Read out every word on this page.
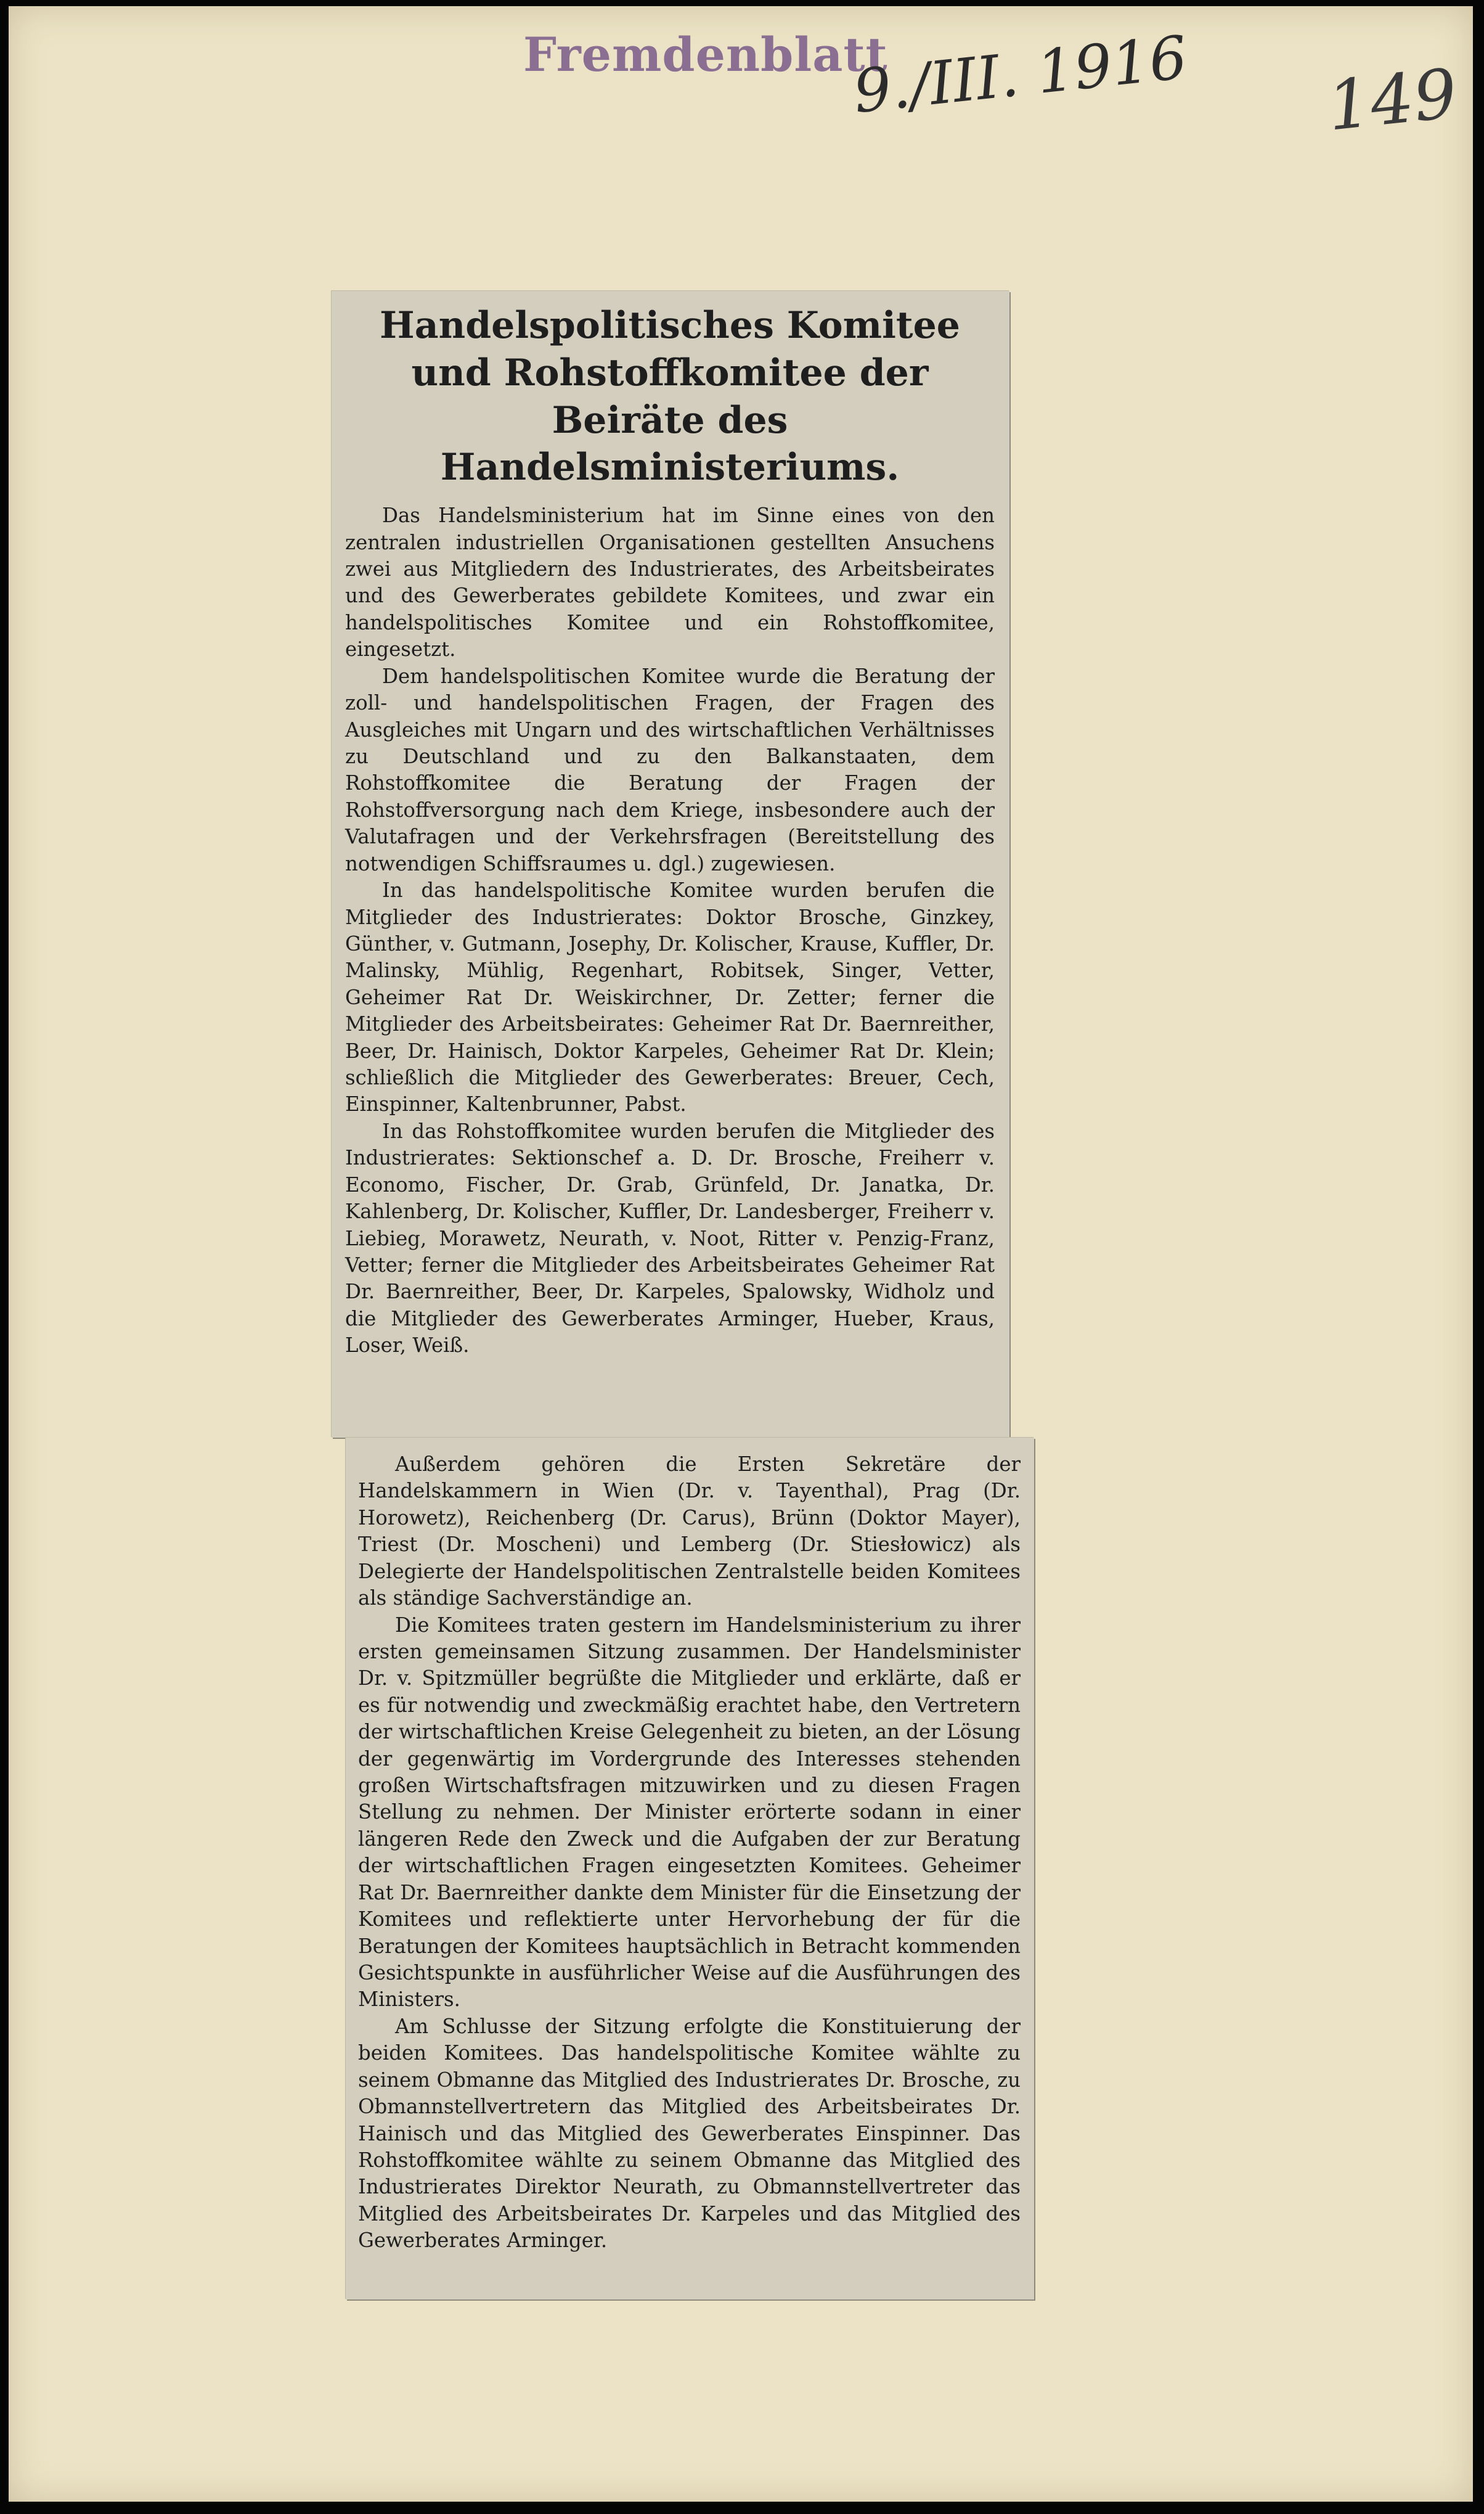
Fremdenblatt
9./III. 1916 149
Handelspolitisches Komitee und Rohstoffkomitee der Beiräte des Handelsministeriums.

Das Handelsministerium hat im Sinne eines von den zentralen industriellen Organisationen gestellten Ansuchens zwei aus Mitgliedern des Industrierates, des Arbeitsbeirates und des Gewerberates gebildete Komitees, und zwar ein handelspolitisches Komitee und ein Rohstoffkomitee, eingesetzt.

Dem handelspolitischen Komitee wurde die Beratung der zoll- und handelspolitischen Fragen, der Fragen des Ausgleiches mit Ungarn und des wirtschaftlichen Verhältnisses zu Deutschland und zu den Balkanstaaten, dem Rohstoffkomitee die Beratung der Fragen der Rohstoffversorgung nach dem Kriege, insbesondere auch der Valutafragen und der Verkehrsfragen (Bereitstellung des notwendigen Schiffsraumes u. dgl.) zugewiesen.

In das handelspolitische Komitee wurden berufen die Mitglieder des Industrierates: Doktor Brosche, Ginzkey, Günther, v. Gutmann, Josephy, Dr. Kolischer, Krause, Kuffler, Dr. Malinsky, Mühlig, Regenhart, Robitsek, Singer, Vetter, Geheimer Rat Dr. Weiskirchner, Dr. Zetter; ferner die Mitglieder des Arbeitsbeirates: Geheimer Rat Dr. Baernreither, Beer, Dr. Hainisch, Doktor Karpeles, Geheimer Rat Dr. Klein; schließlich die Mitglieder des Gewerberates: Breuer, Cech, Einspinner, Kaltenbrunner, Pabst.

In das Rohstoffkomitee wurden berufen die Mitglieder des Industrierates: Sektionschef a. D. Dr. Brosche, Freiherr v. Economo, Fischer, Dr. Grab, Grünfeld, Dr. Janatka, Dr. Kahlenberg, Dr. Kolischer, Kuffler, Dr. Landesberger, Freiherr v. Liebieg, Morawetz, Neurath, v. Noot, Ritter v. Penzig-Franz, Vetter; ferner die Mitglieder des Arbeitsbeirates Geheimer Rat Dr. Baernreither, Beer, Dr. Karpeles, Spalowsky, Widholz und die Mitglieder des Gewerberates Arminger, Hueber, Kraus, Loser, Weiß.

Außerdem gehören die Ersten Sekretäre der Handelskammern in Wien (Dr. v. Tayenthal), Prag (Dr. Horowetz), Reichenberg (Dr. Carus), Brünn (Doktor Mayer), Triest (Dr. Moscheni) und Lemberg (Dr. Stiesłowicz) als Delegierte der Handelspolitischen Zentralstelle beiden Komitees als ständige Sachverständige an.

Die Komitees traten gestern im Handelsministerium zu ihrer ersten gemeinsamen Sitzung zusammen. Der Handelsminister Dr. v. Spitzmüller begrüßte die Mitglieder und erklärte, daß er es für notwendig und zweckmäßig erachtet habe, den Vertretern der wirtschaftlichen Kreise Gelegenheit zu bieten, an der Lösung der gegenwärtig im Vordergrunde des Interesses stehenden großen Wirtschaftsfragen mitzuwirken und zu diesen Fragen Stellung zu nehmen. Der Minister erörterte sodann in einer längeren Rede den Zweck und die Aufgaben der zur Beratung der wirtschaftlichen Fragen eingesetzten Komitees. Geheimer Rat Dr. Baernreither dankte dem Minister für die Einsetzung der Komitees und reflektierte unter Hervorhebung der für die Beratungen der Komitees hauptsächlich in Betracht kommenden Gesichtspunkte in ausführlicher Weise auf die Ausführungen des Ministers.

Am Schlusse der Sitzung erfolgte die Konstituierung der beiden Komitees. Das handelspolitische Komitee wählte zu seinem Obmanne das Mitglied des Industrierates Dr. Brosche, zu Obmannstellvertretern das Mitglied des Arbeitsbeirates Dr. Hainisch und das Mitglied des Gewerberates Einspinner. Das Rohstoffkomitee wählte zu seinem Obmanne das Mitglied des Industrierates Direktor Neurath, zu Obmannstellvertreter das Mitglied des Arbeitsbeirates Dr. Karpeles und das Mitglied des Gewerberates Arminger.
